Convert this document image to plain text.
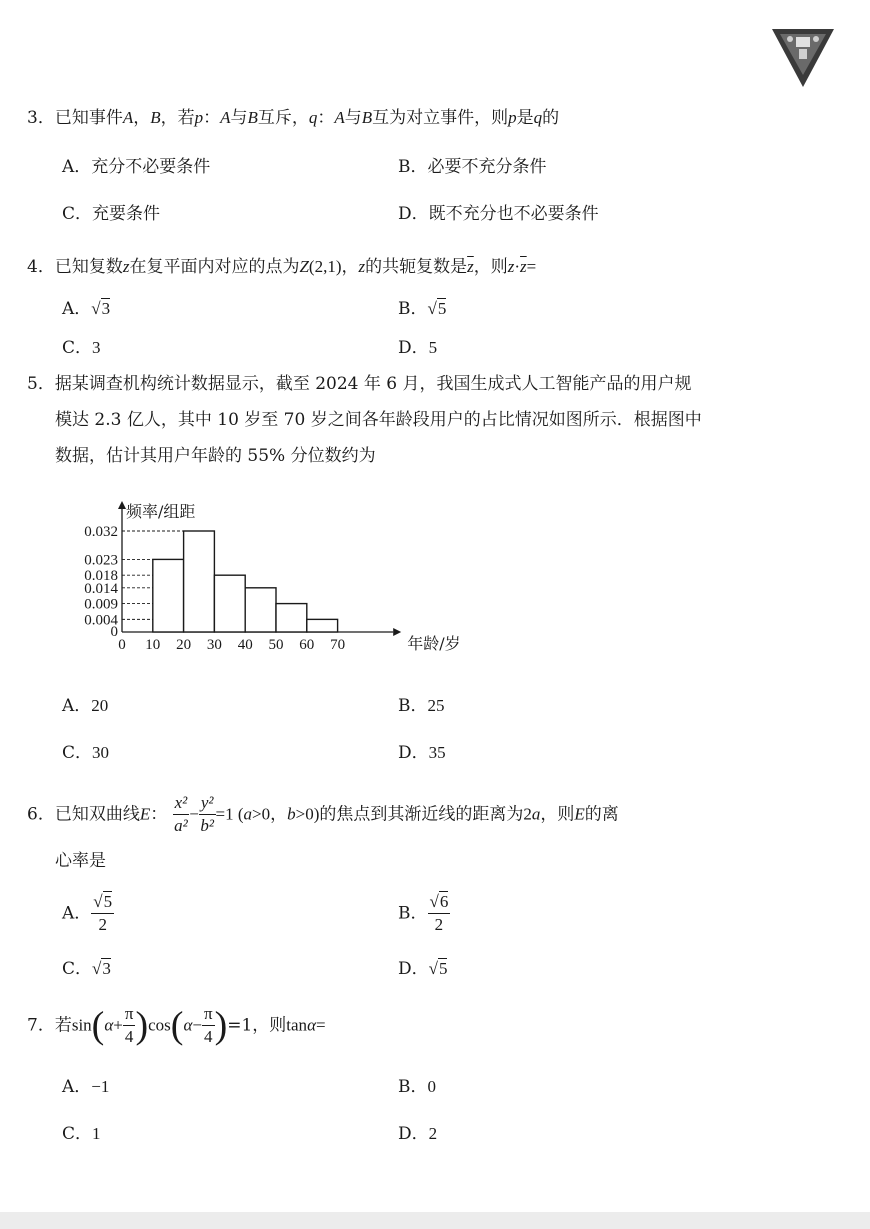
3．已知事件A，B，若p：A与B互斥，q：A与B互为对立事件，则p是q的
A．充分不必要条件	B．必要不充分条件
C．充要条件	D．既不充分也不必要条件
4．已知复数z在复平面内对应的点为Z(2,1)，z的共轭复数是$\overline{z}$，则$z\cdot\overline{z}=$
A．√3	B．√5
C．3	D．5
5．据某调查机构统计数据显示，截至 2024 年 6 月，我国生成式人工智能产品的用户规
模达 2.3 亿人，其中 10 岁至 70 岁之间各年龄段用户的占比情况如图所示．根据图中
数据，估计其用户年龄的 55% 分位数约为
0.032
0.023
0.018
0.014
0.009
0.004
0
0 10 20 30 40 50 60 70
频率/组距
年龄/岁
A．20	B．25
C．30	D．35
6．已知双曲线E： $\frac{\text{x²}}{\text{a²}} - \frac{\text{y²}}{\text{b²}} =1$ (a>0，b>0)的焦点到其渐近线的距离为2a，则E的离
心率是
A． $\frac{√5}{2}$	B． $\frac{√6}{2}$
C．√3	D．√5
7．若$\sin(\alpha+ \frac{\pi}{4} )\cos(\alpha- \frac{\pi}{4} )=1$，则tanα=
A．−1	B．0
C．1	D．2
